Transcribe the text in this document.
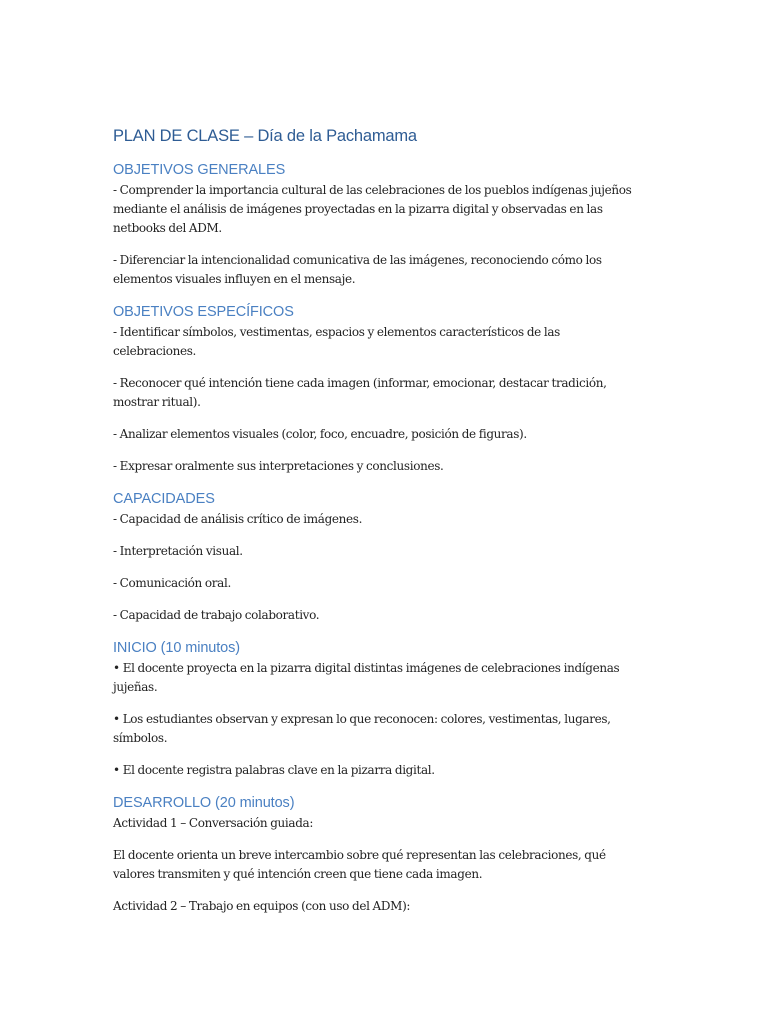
PLAN DE CLASE – Día de la Pachamama
OBJETIVOS GENERALES

- Comprender la importancia cultural de las celebraciones de los pueblos indígenas jujeños mediante el análisis de imágenes proyectadas en la pizarra digital y observadas en las netbooks del ADM.

- Diferenciar la intencionalidad comunicativa de las imágenes, reconociendo cómo los elementos visuales influyen en el mensaje.

OBJETIVOS ESPECÍFICOS

- Identificar símbolos, vestimentas, espacios y elementos característicos de las celebraciones.

- Reconocer qué intención tiene cada imagen (informar, emocionar, destacar tradición, mostrar ritual).

- Analizar elementos visuales (color, foco, encuadre, posición de figuras).

- Expresar oralmente sus interpretaciones y conclusiones.

CAPACIDADES

- Capacidad de análisis crítico de imágenes.

- Interpretación visual.

- Comunicación oral.

- Capacidad de trabajo colaborativo.

INICIO (10 minutos)

• El docente proyecta en la pizarra digital distintas imágenes de celebraciones indígenas jujeñas.

• Los estudiantes observan y expresan lo que reconocen: colores, vestimentas, lugares, símbolos.

• El docente registra palabras clave en la pizarra digital.

DESARROLLO (20 minutos)

Actividad 1 – Conversación guiada:

El docente orienta un breve intercambio sobre qué representan las celebraciones, qué valores transmiten y qué intención creen que tiene cada imagen.

Actividad 2 – Trabajo en equipos (con uso del ADM):
